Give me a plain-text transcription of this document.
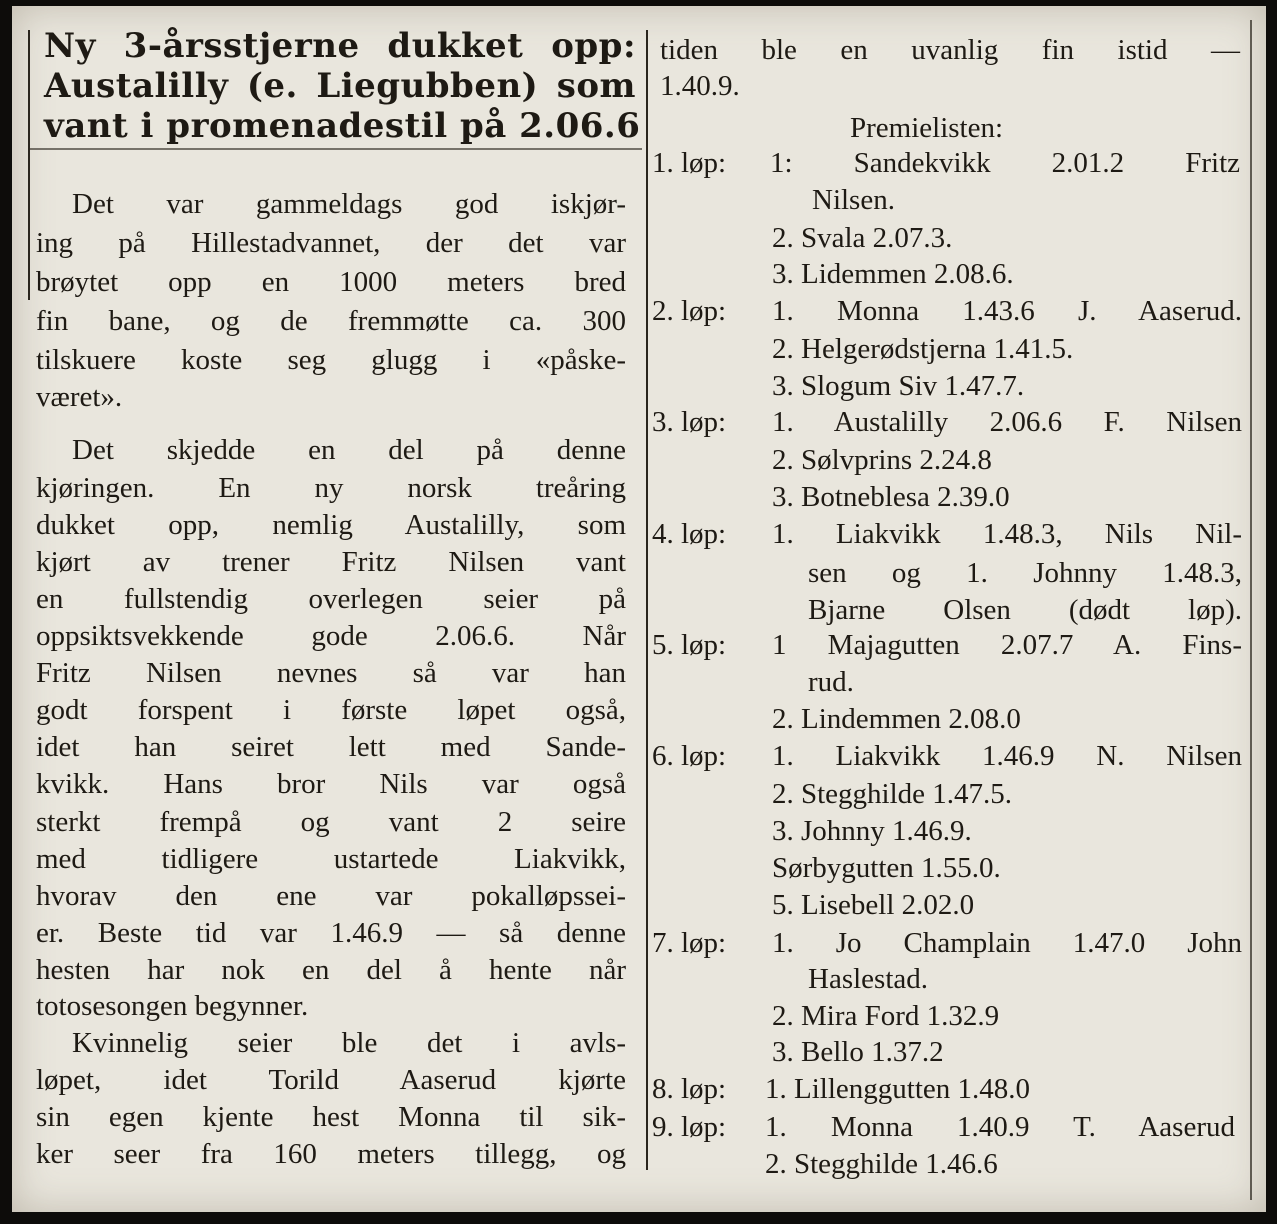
Ny 3-årsstjerne dukket opp:
Austalilly (e. Liegubben) som
vant i promenadestil på 2.06.6
Det var gammeldags god iskjør-
ing på Hillestadvannet, der det var
brøytet opp en 1000 meters bred
fin bane, og de fremmøtte ca. 300
tilskuere koste seg glugg i «påske-
været».
Det skjedde en del på denne
kjøringen. En ny norsk treåring
dukket opp, nemlig Austalilly, som
kjørt av trener Fritz Nilsen vant
en fullstendig overlegen seier på
oppsiktsvekkende gode 2.06.6. Når
Fritz Nilsen nevnes så var han
godt forspent i første løpet også,
idet han seiret lett med Sande-
kvikk. Hans bror Nils var også
sterkt frempå og vant 2 seire
med tidligere ustartede Liakvikk,
hvorav den ene var pokalløpssei-
er. Beste tid var 1.46.9 — så denne
hesten har nok en del å hente når
totosesongen begynner.
Kvinnelig seier ble det i avls-
løpet, idet Torild Aaserud kjørte
sin egen kjente hest Monna til sik-
ker seer fra 160 meters tillegg, og
tiden ble en uvanlig fin istid —
1.40.9.
Premielisten:
1. løp: 1: Sandekvikk 2.01.2 Fritz
Nilsen.
2. Svala 2.07.3.
3. Lidemmen 2.08.6.
2. løp: 1. Monna 1.43.6 J. Aaserud.
2. Helgerødstjerna 1.41.5.
3. Slogum Siv 1.47.7.
3. løp: 1. Austalilly 2.06.6 F. Nilsen
2. Sølvprins 2.24.8
3. Botneblesa 2.39.0
4. løp: 1. Liakvikk 1.48.3, Nils Nil-
sen og 1. Johnny 1.48.3,
Bjarne Olsen (dødt løp).
5. løp: 1 Majagutten 2.07.7 A. Fins-
rud.
2. Lindemmen 2.08.0
6. løp: 1. Liakvikk 1.46.9 N. Nilsen
2. Stegghilde 1.47.5.
3. Johnny 1.46.9.
Sørbygutten 1.55.0.
5. Lisebell 2.02.0
7. løp: 1. Jo Champlain 1.47.0 John
Haslestad.
2. Mira Ford 1.32.9
3. Bello 1.37.2
8. løp: 1. Lillenggutten 1.48.0
9. løp: 1. Monna 1.40.9 T. Aaserud
2. Stegghilde 1.46.6
